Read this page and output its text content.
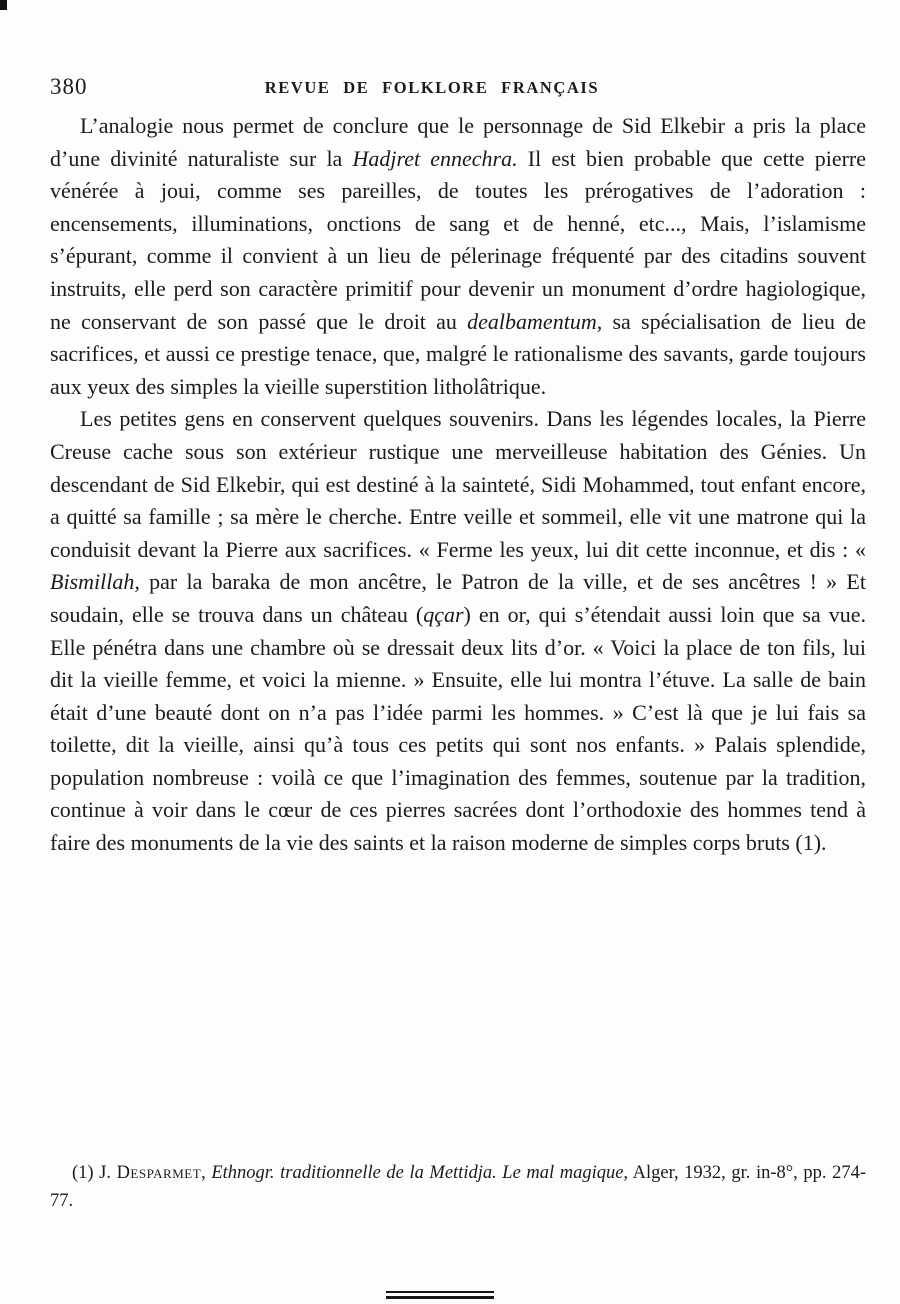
380	REVUE DE FOLKLORE FRANÇAIS

L’analogie nous permet de conclure que le personnage de Sid Elkebir a pris la place d’une divinité naturaliste sur la Hadjret ennechra. Il est bien probable que cette pierre vénérée à joui, comme ses pareilles, de toutes les prérogatives de l’adoration : encensements, illuminations, onctions de sang et de henné, etc..., Mais, l’islamisme s’épurant, comme il convient à un lieu de pélerinage fréquenté par des citadins souvent instruits, elle perd son caractère primitif pour devenir un monument d’ordre hagiologique, ne conservant de son passé que le droit au dealbamentum, sa spécialisation de lieu de sacrifices, et aussi ce prestige tenace, que, malgré le rationalisme des savants, garde toujours aux yeux des simples la vieille superstition litholâtrique.

Les petites gens en conservent quelques souvenirs. Dans les légendes locales, la Pierre Creuse cache sous son extérieur rustique une merveilleuse habitation des Génies. Un descendant de Sid Elkebir, qui est destiné à la sainteté, Sidi Mohammed, tout enfant encore, a quitté sa famille ; sa mère le cherche. Entre veille et sommeil, elle vit une matrone qui la conduisit devant la Pierre aux sacrifices. « Ferme les yeux, lui dit cette inconnue, et dis : « Bismillah, par la baraka de mon ancêtre, le Patron de la ville, et de ses ancêtres ! » Et soudain, elle se trouva dans un château (qçar) en or, qui s’étendait aussi loin que sa vue. Elle pénétra dans une chambre où se dressait deux lits d’or. « Voici la place de ton fils, lui dit la vieille femme, et voici la mienne. » Ensuite, elle lui montra l’étuve. La salle de bain était d’une beauté dont on n’a pas l’idée parmi les hommes. » C’est là que je lui fais sa toilette, dit la vieille, ainsi qu’à tous ces petits qui sont nos enfants. » Palais splendide, population nombreuse : voilà ce que l’imagination des femmes, soutenue par la tradition, continue à voir dans le cœur de ces pierres sacrées dont l’orthodoxie des hommes tend à faire des monuments de la vie des saints et la raison moderne de simples corps bruts (1).

(1) J. Desparmet, Ethnogr. traditionnelle de la Mettidja. Le mal magique, Alger, 1932, gr. in-8°, pp. 274-77.
